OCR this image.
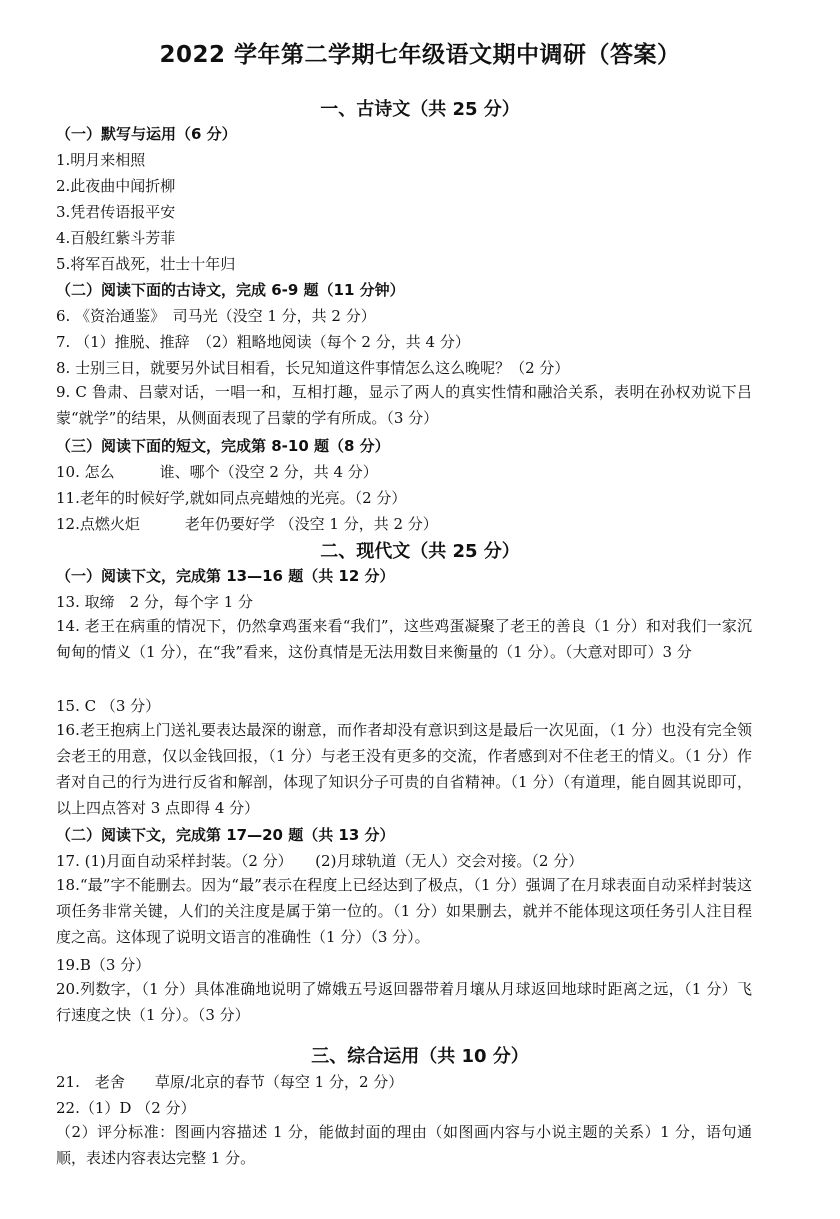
2022 学年第二学期七年级语文期中调研（答案）
一、古诗文（共 25 分）
（一）默写与运用（6 分）
1.明月来相照
2.此夜曲中闻折柳
3.凭君传语报平安
4.百般红紫斗芳菲
5.将军百战死，壮士十年归
（二）阅读下面的古诗文，完成 6-9 题（11 分钟）
6. 《资治通鉴》　司马光（没空 1 分，共 2 分）
7. （1）推脱、推辞　（2）粗略地阅读（每个 2 分，共 4 分）
8. 士别三日，就要另外试目相看，长兄知道这件事情怎么这么晚呢？（2 分）
9. C 鲁肃、吕蒙对话，一唱一和，互相打趣，显示了两人的真实性情和融洽关系，表明在孙权劝说下吕蒙“就学”的结果，从侧面表现了吕蒙的学有所成。（3 分）
（三）阅读下面的短文，完成第 8-10 题（8 分）
10. 怎么　　　谁、哪个（没空 2 分，共 4 分）
11.老年的时候好学,就如同点亮蜡烛的光亮。（2 分）
12.点燃火炬　　　老年仍要好学 （没空 1 分，共 2 分）
二、现代文（共 25 分）
（一）阅读下文，完成第 13—16 题（共 12 分）
13. 取缔　2 分，每个字 1 分
14. 老王在病重的情况下，仍然拿鸡蛋来看“我们”，这些鸡蛋凝聚了老王的善良（1 分）和对我们一家沉甸甸的情义（1 分），在“我”看来，这份真情是无法用数目来衡量的（1 分）。（大意对即可）3 分
15. C （3 分）
16.老王抱病上门送礼要表达最深的谢意，而作者却没有意识到这是最后一次见面，（1 分）也没有完全领会老王的用意，仅以金钱回报，（1 分）与老王没有更多的交流，作者感到对不住老王的情义。（1 分）作者对自己的行为进行反省和解剖，体现了知识分子可贵的自省精神。（1 分）（有道理，能自圆其说即可，以上四点答对 3 点即得 4 分）
（二）阅读下文，完成第 17—20 题（共 13 分）
17. (1)月面自动采样封装。（2 分）　　(2)月球轨道（无人）交会对接。（2 分）
18.“最”字不能删去。因为“最”表示在程度上已经达到了极点，（1 分）强调了在月球表面自动采样封装这项任务非常关键，人们的关注度是属于第一位的。（1 分）如果删去，就并不能体现这项任务引人注目程度之高。这体现了说明文语言的准确性（1 分）（3 分）。
19.B（3 分）
20.列数字，（1 分）具体准确地说明了嫦娥五号返回器带着月壤从月球返回地球时距离之远，（1 分）飞行速度之快（1 分）。（3 分）
三、综合运用（共 10 分）
21.　老舍　　草原/北京的春节（每空 1 分，2 分）
22.（1）D （2 分）
（2）评分标准：图画内容描述 1 分，能做封面的理由（如图画内容与小说主题的关系）1 分，语句通顺，表述内容表达完整 1 分。
